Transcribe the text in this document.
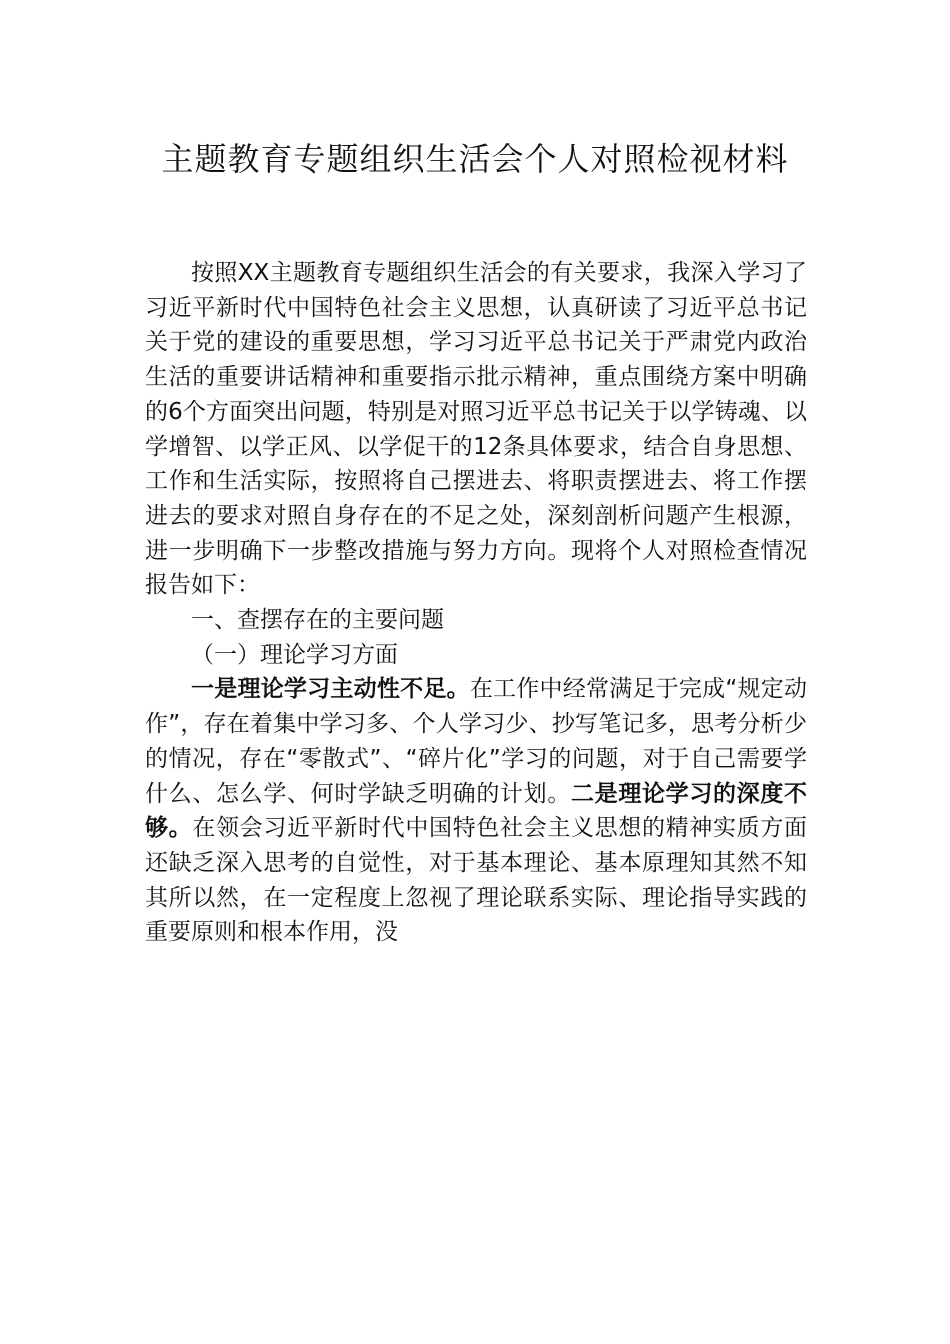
主题教育专题组织生活会个人对照检视材料

按照XX主题教育专题组织生活会的有关要求，我深入学习了习近平新时代中国特色社会主义思想，认真研读了习近平总书记关于党的建设的重要思想，学习习近平总书记关于严肃党内政治生活的重要讲话精神和重要指示批示精神，重点围绕方案中明确的6个方面突出问题，特别是对照习近平总书记关于以学铸魂、以学增智、以学正风、以学促干的12条具体要求，结合自身思想、工作和生活实际，按照将自己摆进去、将职责摆进去、将工作摆进去的要求对照自身存在的不足之处，深刻剖析问题产生根源，进一步明确下一步整改措施与努力方向。现将个人对照检查情况报告如下：

一、查摆存在的主要问题

（一）理论学习方面

一是理论学习主动性不足。在工作中经常满足于完成“规定动作”，存在着集中学习多、个人学习少、抄写笔记多，思考分析少的情况，存在“零散式”、“碎片化”学习的问题，对于自己需要学什么、怎么学、何时学缺乏明确的计划。二是理论学习的深度不够。在领会习近平新时代中国特色社会主义思想的精神实质方面还缺乏深入思考的自觉性，对于基本理论、基本原理知其然不知其所以然，在一定程度上忽视了理论联系实际、理论指导实践的重要原则和根本作用，没
